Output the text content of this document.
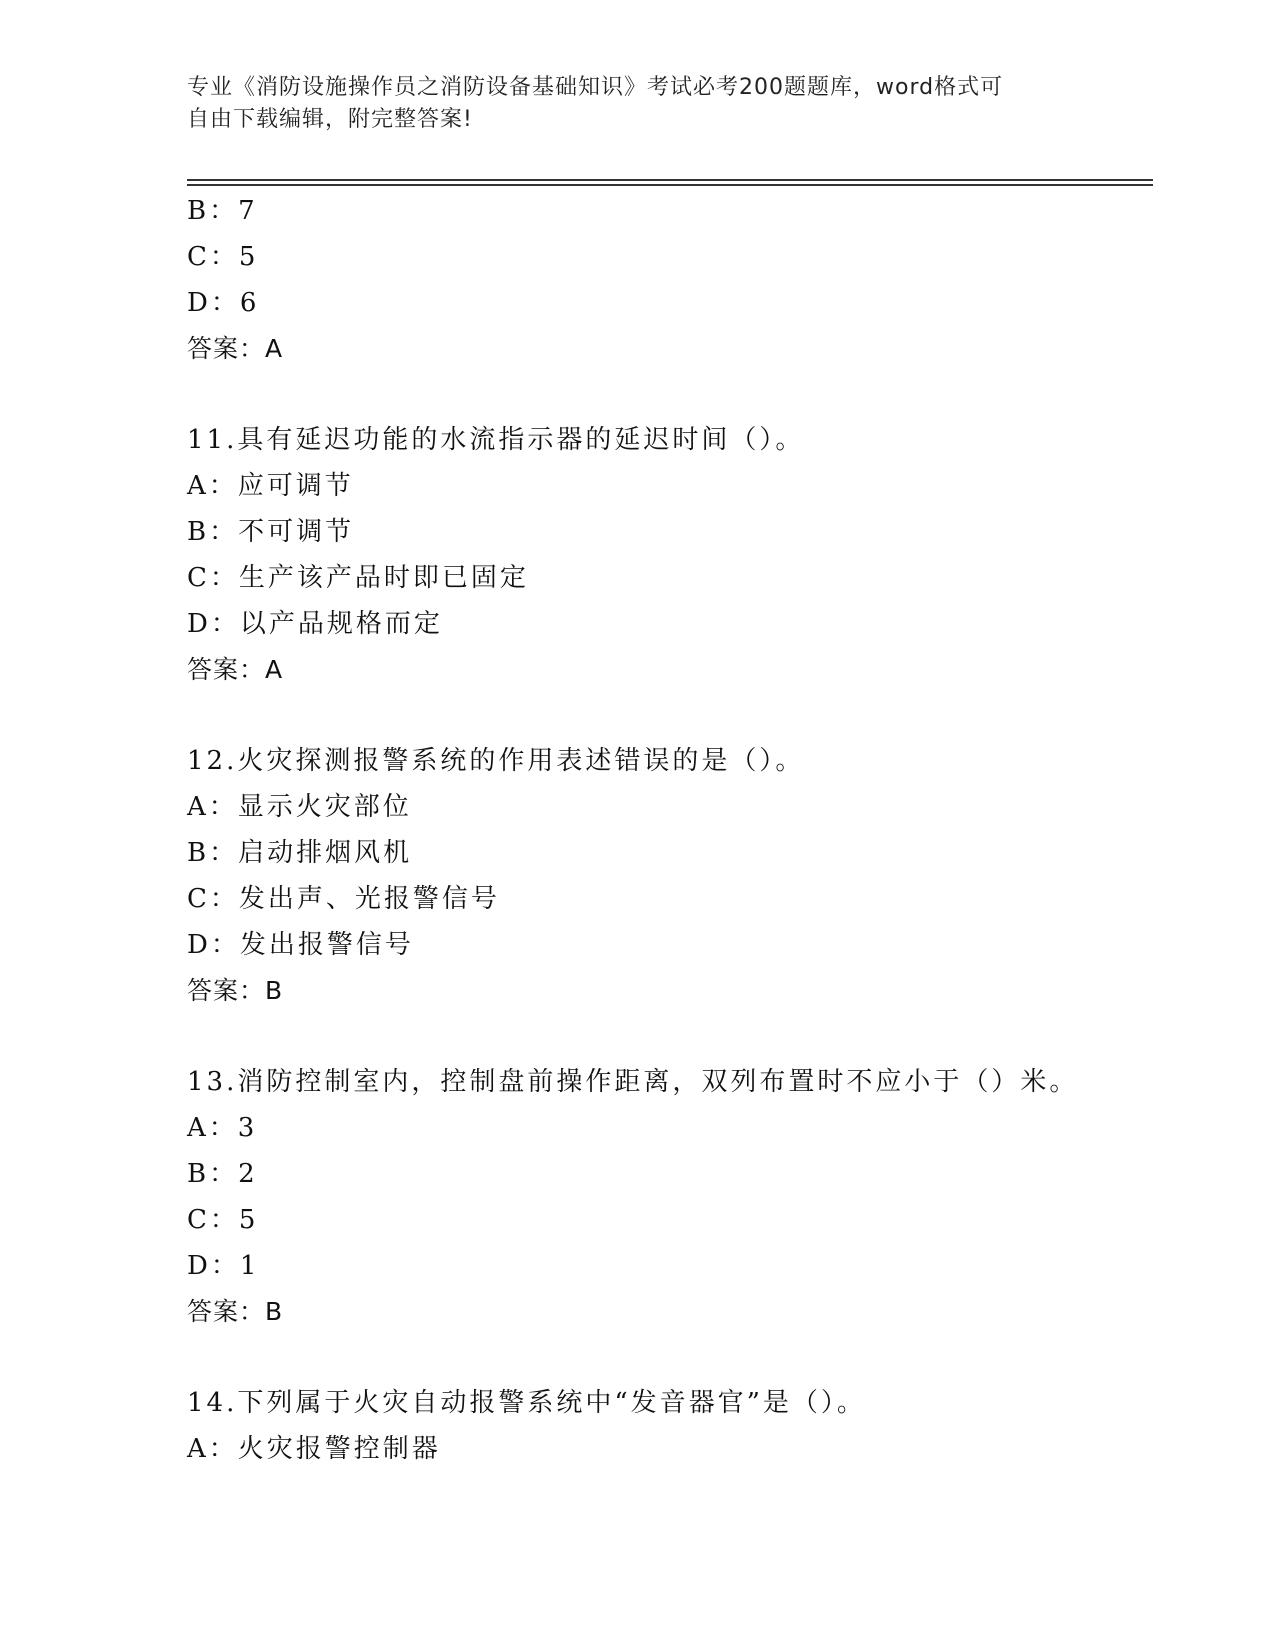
专业《消防设施操作员之消防设备基础知识》考试必考200题题库，word格式可
自由下载编辑，附完整答案!
B：7
C：5
D：6
答案：A
11.具有延迟功能的水流指示器的延迟时间（）。
A：应可调节
B：不可调节
C：生产该产品时即已固定
D：以产品规格而定
答案：A
12.火灾探测报警系统的作用表述错误的是（）。
A：显示火灾部位
B：启动排烟风机
C：发出声、光报警信号
D：发出报警信号
答案：B
13.消防控制室内，控制盘前操作距离，双列布置时不应小于（）米。
A：3
B：2
C：5
D：1
答案：B
14.下列属于火灾自动报警系统中“发音器官”是（）。
A：火灾报警控制器
